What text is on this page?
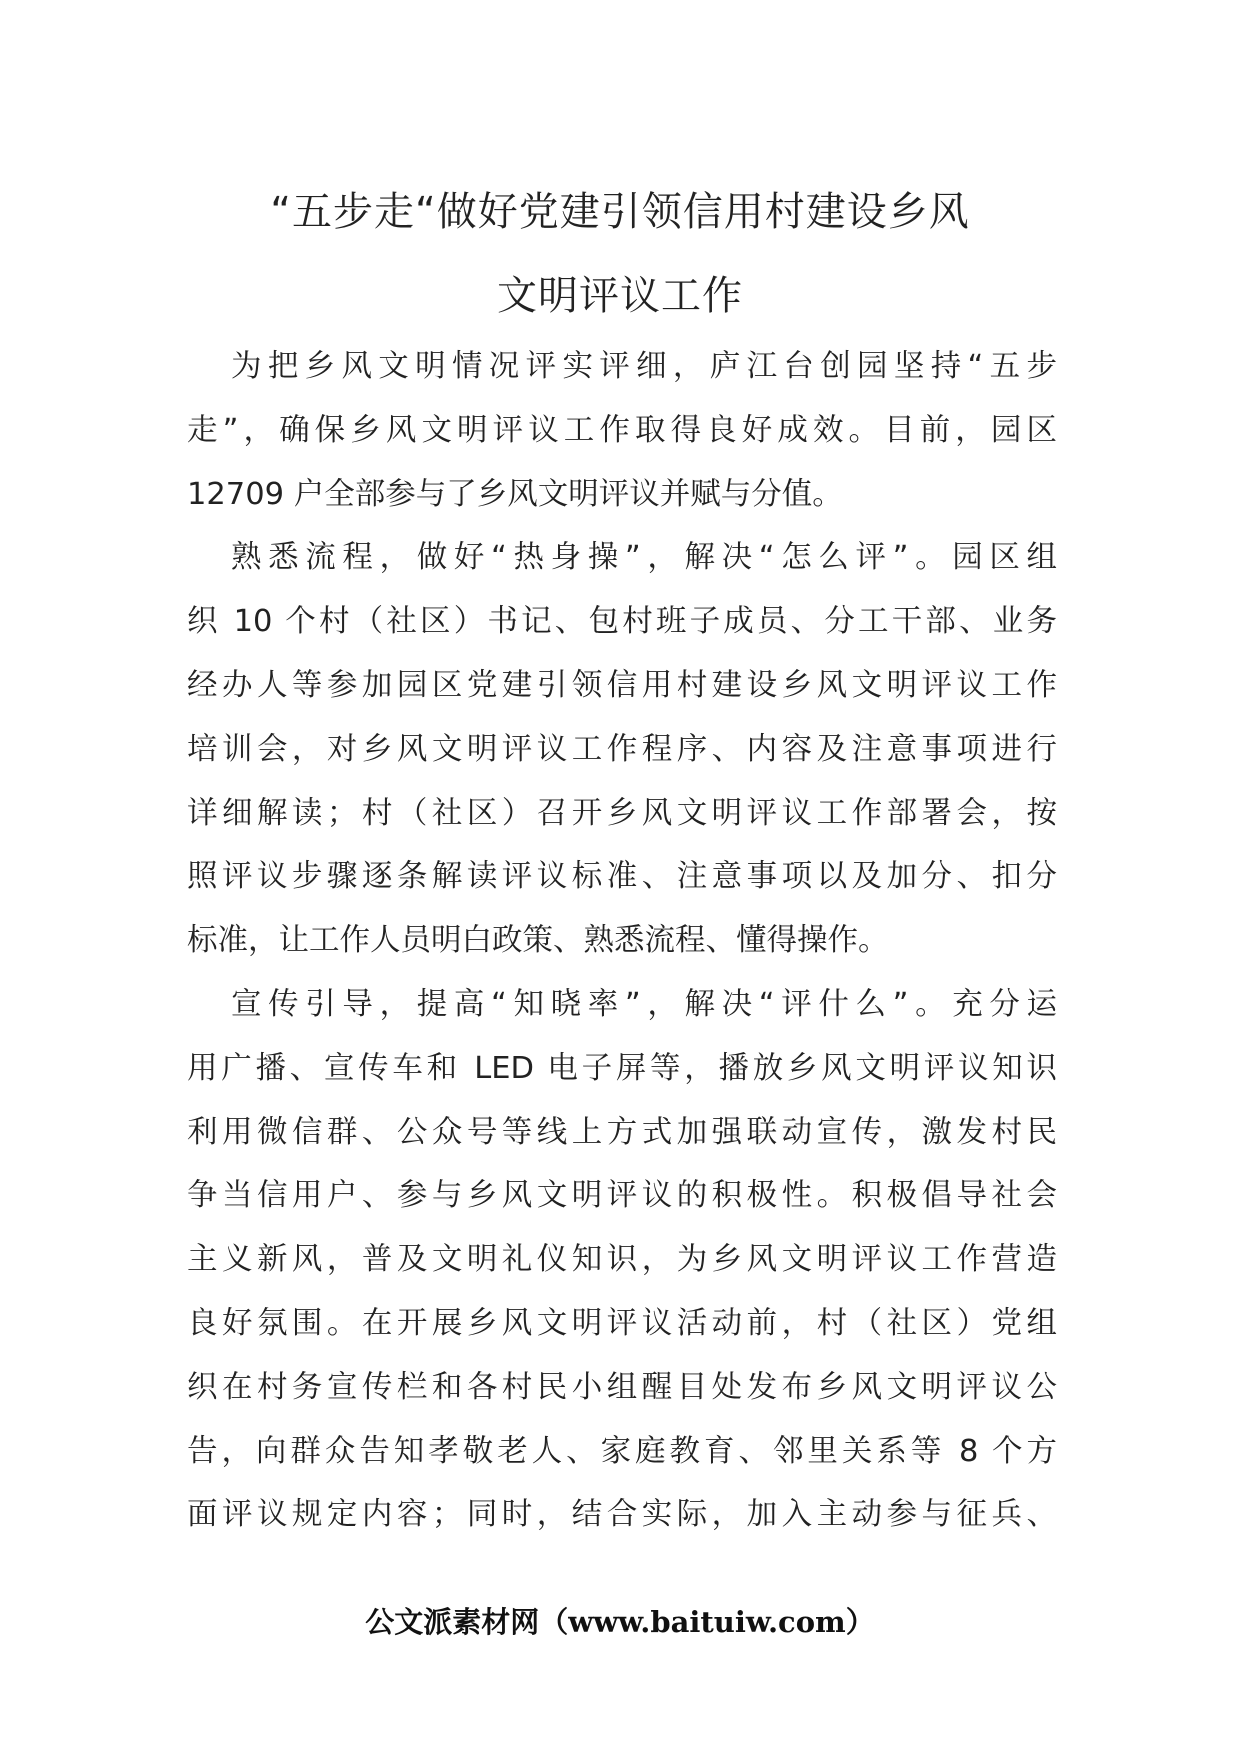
“五步走“做好党建引领信用村建设乡风
文明评议工作
为把乡风文明情况评实评细，庐江台创园坚持“五步
走”，确保乡风文明评议工作取得良好成效。目前，园区
12709 户全部参与了乡风文明评议并赋与分值。
熟悉流程，做好“热身操”，解决“怎么评”。园区组
织 10 个村（社区）书记、包村班子成员、分工干部、业务
经办人等参加园区党建引领信用村建设乡风文明评议工作
培训会，对乡风文明评议工作程序、内容及注意事项进行
详细解读；村（社区）召开乡风文明评议工作部署会，按
照评议步骤逐条解读评议标准、注意事项以及加分、扣分
标准，让工作人员明白政策、熟悉流程、懂得操作。
宣传引导，提高“知晓率”，解决“评什么”。充分运
用广播、宣传车和 LED 电子屏等，播放乡风文明评议知识
利用微信群、公众号等线上方式加强联动宣传，激发村民
争当信用户、参与乡风文明评议的积极性。积极倡导社会
主义新风，普及文明礼仪知识，为乡风文明评议工作营造
良好氛围。在开展乡风文明评议活动前，村（社区）党组
织在村务宣传栏和各村民小组醒目处发布乡风文明评议公
告，向群众告知孝敬老人、家庭教育、邻里关系等 8 个方
面评议规定内容；同时，结合实际，加入主动参与征兵、
公文派素材网（www.baituiw.com）
